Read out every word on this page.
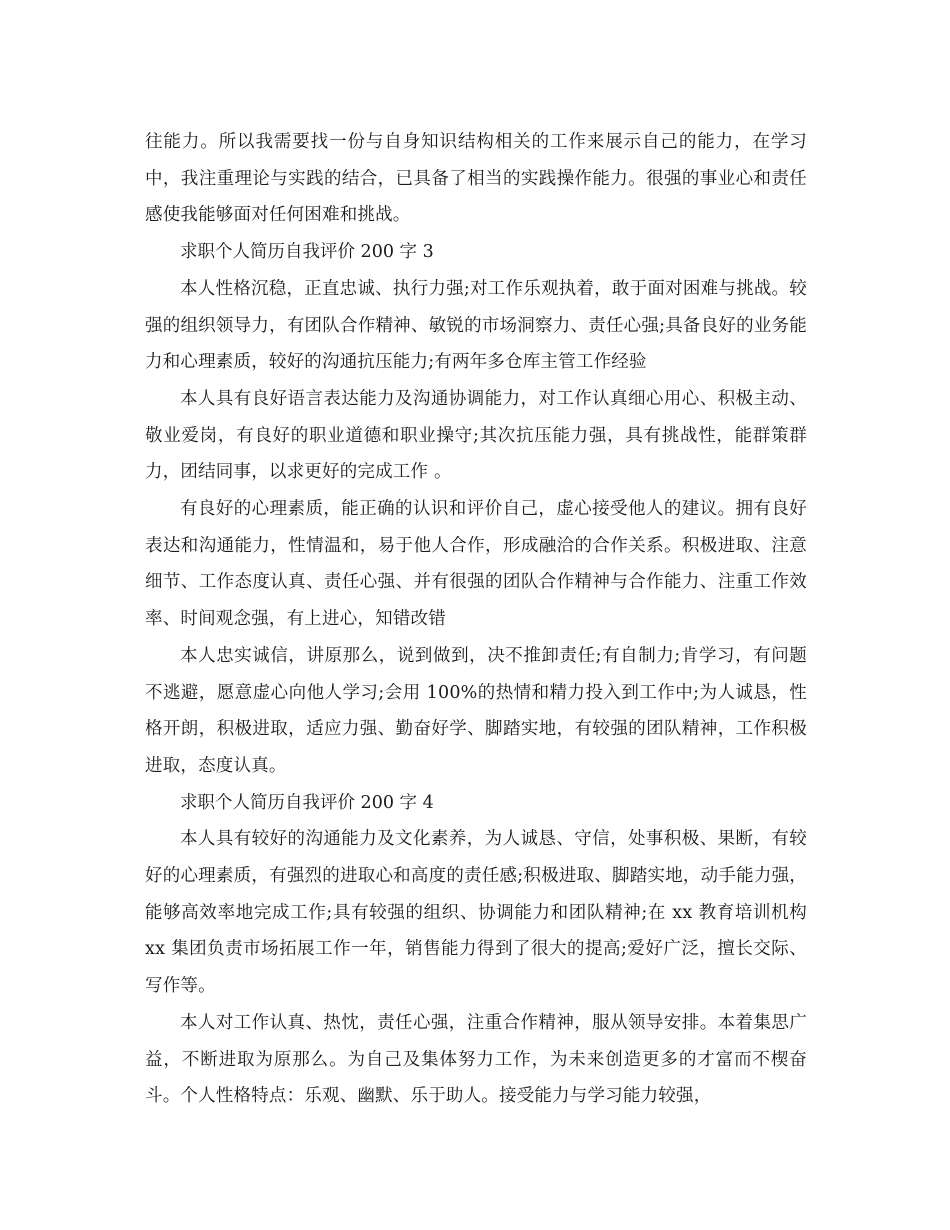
往能力。所以我需要找一份与自身知识结构相关的工作来展示自己的能力，在学习中，我注重理论与实践的结合，已具备了相当的实践操作能力。很强的事业心和责任感使我能够面对任何困难和挑战。

求职个人简历自我评价 200 字 3

本人性格沉稳，正直忠诚、执行力强;对工作乐观执着，敢于面对困难与挑战。较强的组织领导力，有团队合作精神、敏锐的市场洞察力、责任心强;具备良好的业务能力和心理素质，较好的沟通抗压能力;有两年多仓库主管工作经验

本人具有良好语言表达能力及沟通协调能力，对工作认真细心用心、积极主动、敬业爱岗，有良好的职业道德和职业操守;其次抗压能力强，具有挑战性，能群策群力，团结同事，以求更好的完成工作 。

有良好的心理素质，能正确的认识和评价自己，虚心接受他人的建议。拥有良好表达和沟通能力，性情温和，易于他人合作，形成融洽的合作关系。积极进取、注意细节、工作态度认真、责任心强、并有很强的团队合作精神与合作能力、注重工作效率、时间观念强，有上进心，知错改错

本人忠实诚信，讲原那么，说到做到，决不推卸责任;有自制力;肯学习，有问题不逃避，愿意虚心向他人学习;会用 100%的热情和精力投入到工作中;为人诚恳，性格开朗，积极进取，适应力强、勤奋好学、脚踏实地，有较强的团队精神，工作积极进取，态度认真。

求职个人简历自我评价 200 字 4

本人具有较好的沟通能力及文化素养，为人诚恳、守信，处事积极、果断，有较好的心理素质，有强烈的进取心和高度的责任感;积极进取、脚踏实地，动手能力强，能够高效率地完成工作;具有较强的组织、协调能力和团队精神;在 xx 教育培训机构 xx 集团负责市场拓展工作一年，销售能力得到了很大的提高;爱好广泛，擅长交际、写作等。

本人对工作认真、热忱，责任心强，注重合作精神，服从领导安排。本着集思广益，不断进取为原那么。为自己及集体努力工作，为未来创造更多的才富而不楔奋斗。个人性格特点：乐观、幽默、乐于助人。接受能力与学习能力较强，
